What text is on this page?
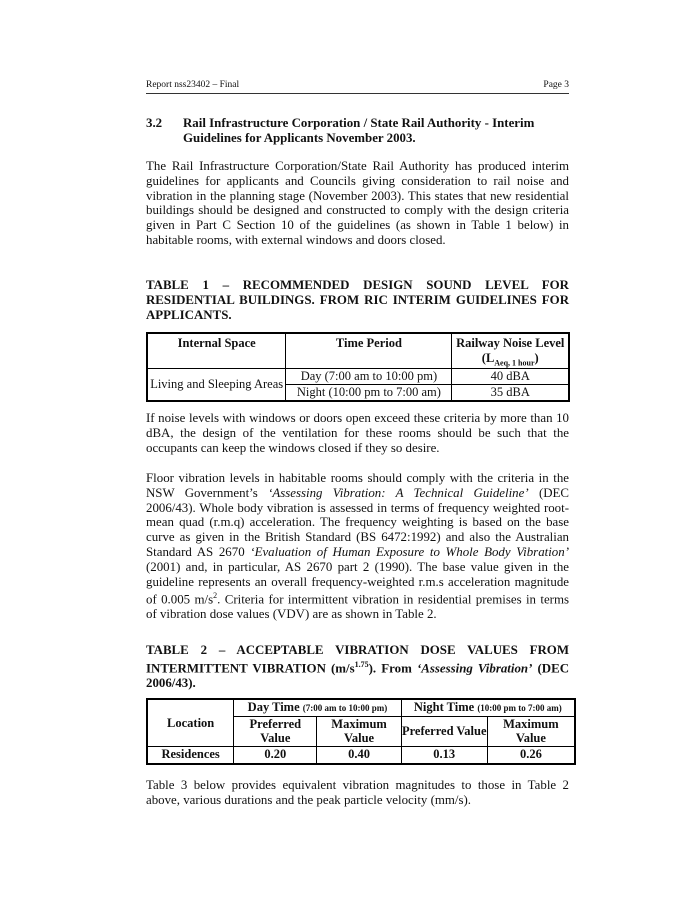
Report nss23402 – Final	Page 3
3.2 Rail Infrastructure Corporation / State Rail Authority - Interim Guidelines for Applicants November 2003.
The Rail Infrastructure Corporation/State Rail Authority has produced interim guidelines for applicants and Councils giving consideration to rail noise and vibration in the planning stage (November 2003). This states that new residential buildings should be designed and constructed to comply with the design criteria given in Part C Section 10 of the guidelines (as shown in Table 1 below) in habitable rooms, with external windows and doors closed.
TABLE 1 – RECOMMENDED DESIGN SOUND LEVEL FOR RESIDENTIAL BUILDINGS. FROM RIC INTERIM GUIDELINES FOR APPLICANTS.
Internal Space	Time Period	Railway Noise Level
$(L_{Aeq, 1 hour})$
Living and Sleeping Areas	Day (7:00 am to 10:00 pm)	40 dBA
	Night (10:00 pm to 7:00 am)	35 dBA
If noise levels with windows or doors open exceed these criteria by more than 10 dBA, the design of the ventilation for these rooms should be such that the occupants can keep the windows closed if they so desire.
Floor vibration levels in habitable rooms should comply with the criteria in the NSW Government’s ‘Assessing Vibration: A Technical Guideline’ (DEC 2006/43). Whole body vibration is assessed in terms of frequency weighted root-mean quad (r.m.q) acceleration. The frequency weighting is based on the base curve as given in the British Standard (BS 6472:1992) and also the Australian Standard AS 2670 ‘Evaluation of Human Exposure to Whole Body Vibration’ (2001) and, in particular, AS 2670 part 2 (1990). The base value given in the guideline represents an overall frequency-weighted r.m.s acceleration magnitude of 0.005 $m/s^2$. Criteria for intermittent vibration in residential premises in terms of vibration dose values (VDV) are as shown in Table 2.
TABLE 2 – ACCEPTABLE VIBRATION DOSE VALUES FROM INTERMITTENT VIBRATION $(m/s^{1.75})$. From ‘Assessing Vibration’ (DEC 2006/43).
Location	Day Time (7:00 am to 10:00 pm)		Night Time (10:00 pm to 7:00 am)	
	Preferred Value	Maximum Value	Preferred Value	Maximum Value
Residences	0.20	0.40	0.13	0.26
Table 3 below provides equivalent vibration magnitudes to those in Table 2 above, various durations and the peak particle velocity (mm/s).
